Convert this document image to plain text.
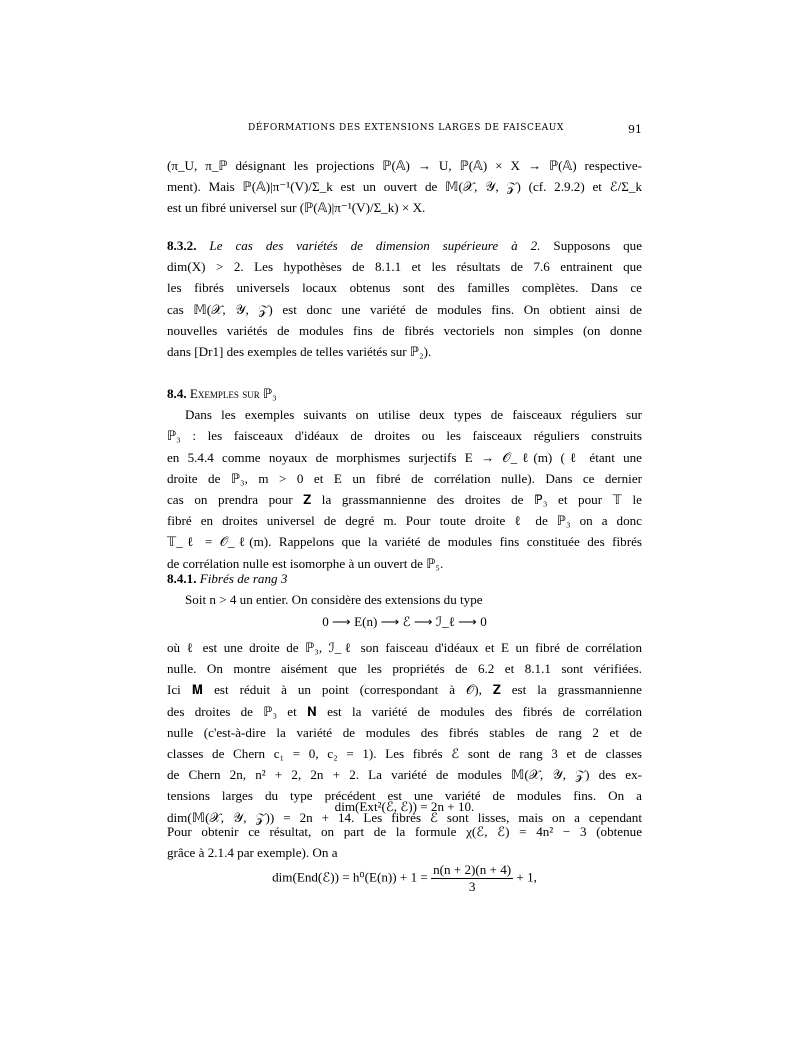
DÉFORMATIONS DES EXTENSIONS LARGES DE FAISCEAUX	91
(π_U, π_ℙ désignant les projections ℙ(𝔸) → U, ℙ(𝔸) × X → ℙ(𝔸) respective-
ment). Mais ℙ(𝔸)|π⁻¹(V)/Σ_k est un ouvert de 𝕄(𝒳, 𝒴, 𝒵) (cf. 2.9.2) et ℰ/Σ_k
est un fibré universel sur (ℙ(𝔸)|π⁻¹(V)/Σ_k) × X.
8.3.2. Le cas des variétés de dimension supérieure à 2. Supposons que
dim(X) > 2. Les hypothèses de 8.1.1 et les résultats de 7.6 entrainent que
les fibrés universels locaux obtenus sont des familles complètes. Dans ce
cas 𝕄(𝒳, 𝒴, 𝒵) est donc une variété de modules fins. On obtient ainsi de
nouvelles variétés de modules fins de fibrés vectoriels non simples (on donne
dans [Dr1] des exemples de telles variétés sur ℙ₂).
8.4. Exemples sur ℙ₃
Dans les exemples suivants on utilise deux types de faisceaux réguliers sur
ℙ₃ : les faisceaux d'idéaux de droites ou les faisceaux réguliers construits
en 5.4.4 comme noyaux de morphismes surjectifs E → 𝒪_ℓ(m) (ℓ étant une
droite de ℙ₃, m > 0 et E un fibré de corrélation nulle). Dans ce dernier
cas on prendra pour 𝐙 la grassmannienne des droites de ℙ₃ et pour 𝕋 le
fibré en droites universel de degré m. Pour toute droite ℓ de ℙ₃ on a donc
𝕋_ℓ = 𝒪_ℓ(m). Rappelons que la variété de modules fins constituée des fibrés
de corrélation nulle est isomorphe à un ouvert de ℙ₅.
8.4.1. Fibrés de rang 3
Soit n > 4 un entier. On considère des extensions du type
0 ⟶ E(n) ⟶ ℰ ⟶ ℐ_ℓ ⟶ 0
où ℓ est une droite de ℙ₃, ℐ_ℓ son faisceau d'idéaux et E un fibré de corrélation
nulle. On montre aisément que les propriétés de 6.2 et 8.1.1 sont vérifiées.
Ici 𝐌 est réduit à un point (correspondant à 𝒪), 𝐙 est la grassmannienne
des droites de ℙ₃ et 𝐍 est la variété de modules des fibrés de corrélation
nulle (c'est-à-dire la variété de modules des fibrés stables de rang 2 et de
classes de Chern c₁ = 0, c₂ = 1). Les fibrés ℰ sont de rang 3 et de classes
de Chern 2n, n² + 2, 2n + 2. La variété de modules 𝕄(𝒳, 𝒴, 𝒵) des ex-
tensions larges du type précédent est une variété de modules fins. On a
dim(𝕄(𝒳, 𝒴, 𝒵)) = 2n + 14. Les fibrés ℰ sont lisses, mais on a cependant
dim(Ext²(ℰ, ℰ)) = 2n + 10.
Pour obtenir ce résultat, on part de la formule χ(ℰ, ℰ) = 4n² − 3 (obtenue
grâce à 2.1.4 par exemple). On a
dim(End(ℰ)) = $h^0(E(n)) + 1 = \frac{n(n + 2)(n + 4)}{3} + 1$,
